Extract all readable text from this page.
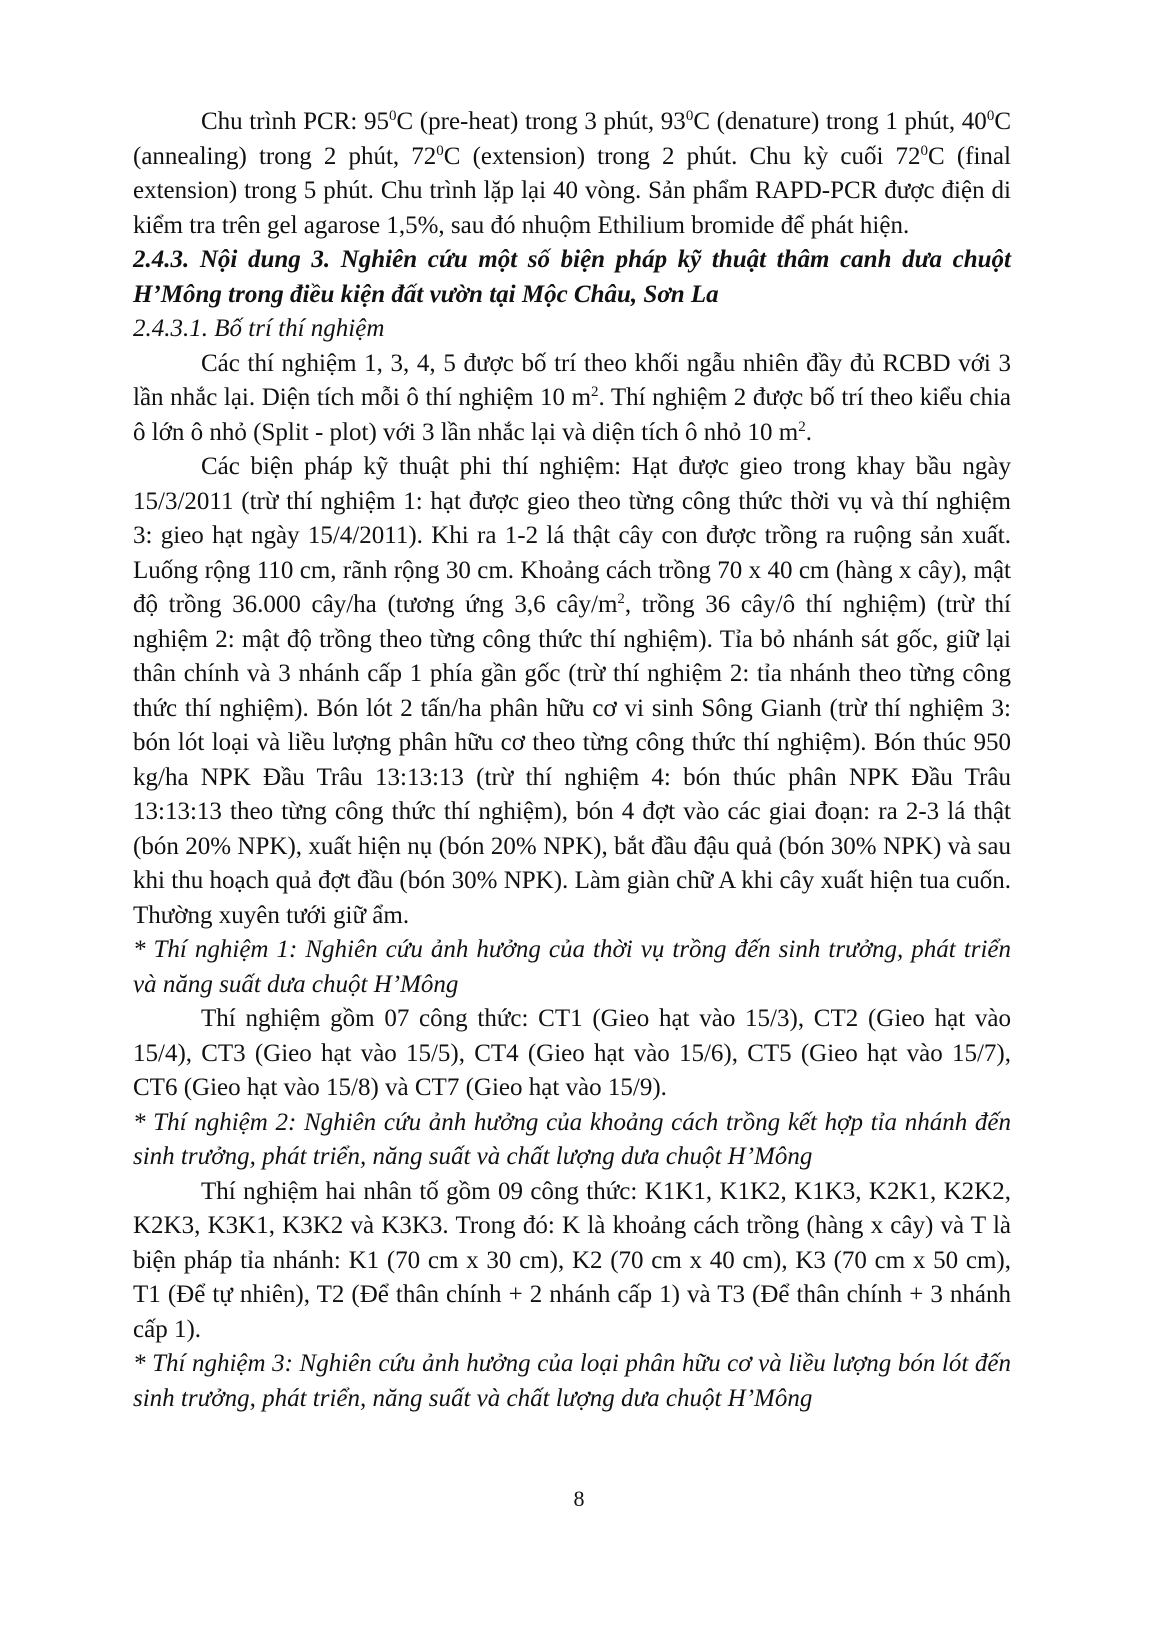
Chu trình PCR: $95^0C$ (pre-heat) trong 3 phút, $93^0C$ (denature) trong 1 phút, $40^0C$ (annealing) trong 2 phút, $72^0C$ (extension) trong 2 phút. Chu kỳ cuối $72^0C$ (final extension) trong 5 phút. Chu trình lặp lại 40 vòng. Sản phẩm RAPD-PCR được điện di kiểm tra trên gel agarose 1,5%, sau đó nhuộm Ethilium bromide để phát hiện.

2.4.3. Nội dung 3. Nghiên cứu một số biện pháp kỹ thuật thâm canh dưa chuột H’Mông trong điều kiện đất vườn tại Mộc Châu, Sơn La

2.4.3.1. Bố trí thí nghiệm

Các thí nghiệm 1, 3, 4, 5 được bố trí theo khối ngẫu nhiên đầy đủ RCBD với 3 lần nhắc lại. Diện tích mỗi ô thí nghiệm 10 $m^2$. Thí nghiệm 2 được bố trí theo kiểu chia ô lớn ô nhỏ (Split - plot) với 3 lần nhắc lại và diện tích ô nhỏ 10 $m^2$.

Các biện pháp kỹ thuật phi thí nghiệm: Hạt được gieo trong khay bầu ngày 15/3/2011 (trừ thí nghiệm 1: hạt được gieo theo từng công thức thời vụ và thí nghiệm 3: gieo hạt ngày 15/4/2011). Khi ra 1-2 lá thật cây con được trồng ra ruộng sản xuất. Luống rộng 110 cm, rãnh rộng 30 cm. Khoảng cách trồng 70 x 40 cm (hàng x cây), mật độ trồng 36.000 cây/ha (tương ứng 3,6 cây/$m^2$, trồng 36 cây/ô thí nghiệm) (trừ thí nghiệm 2: mật độ trồng theo từng công thức thí nghiệm). Tỉa bỏ nhánh sát gốc, giữ lại thân chính và 3 nhánh cấp 1 phía gần gốc (trừ thí nghiệm 2: tỉa nhánh theo từng công thức thí nghiệm). Bón lót 2 tấn/ha phân hữu cơ vi sinh Sông Gianh (trừ thí nghiệm 3: bón lót loại và liều lượng phân hữu cơ theo từng công thức thí nghiệm). Bón thúc 950 kg/ha NPK Đầu Trâu 13:13:13 (trừ thí nghiệm 4: bón thúc phân NPK Đầu Trâu 13:13:13 theo từng công thức thí nghiệm), bón 4 đợt vào các giai đoạn: ra 2-3 lá thật (bón 20% NPK), xuất hiện nụ (bón 20% NPK), bắt đầu đậu quả (bón 30% NPK) và sau khi thu hoạch quả đợt đầu (bón 30% NPK). Làm giàn chữ A khi cây xuất hiện tua cuốn. Thường xuyên tưới giữ ẩm.

* Thí nghiệm 1: Nghiên cứu ảnh hưởng của thời vụ trồng đến sinh trưởng, phát triển và năng suất dưa chuột H’Mông

Thí nghiệm gồm 07 công thức: CT1 (Gieo hạt vào 15/3), CT2 (Gieo hạt vào 15/4), CT3 (Gieo hạt vào 15/5), CT4 (Gieo hạt vào 15/6), CT5 (Gieo hạt vào 15/7), CT6 (Gieo hạt vào 15/8) và CT7 (Gieo hạt vào 15/9).

* Thí nghiệm 2: Nghiên cứu ảnh hưởng của khoảng cách trồng kết hợp tỉa nhánh đến sinh trưởng, phát triển, năng suất và chất lượng dưa chuột H’Mông

Thí nghiệm hai nhân tố gồm 09 công thức: K1K1, K1K2, K1K3, K2K1, K2K2, K2K3, K3K1, K3K2 và K3K3. Trong đó: K là khoảng cách trồng (hàng x cây) và T là biện pháp tỉa nhánh: K1 (70 cm x 30 cm), K2 (70 cm x 40 cm), K3 (70 cm x 50 cm), T1 (Để tự nhiên), T2 (Để thân chính + 2 nhánh cấp 1) và T3 (Để thân chính + 3 nhánh cấp 1).

* Thí nghiệm 3: Nghiên cứu ảnh hưởng của loại phân hữu cơ và liều lượng bón lót đến sinh trưởng, phát triển, năng suất và chất lượng dưa chuột H’Mông

8
